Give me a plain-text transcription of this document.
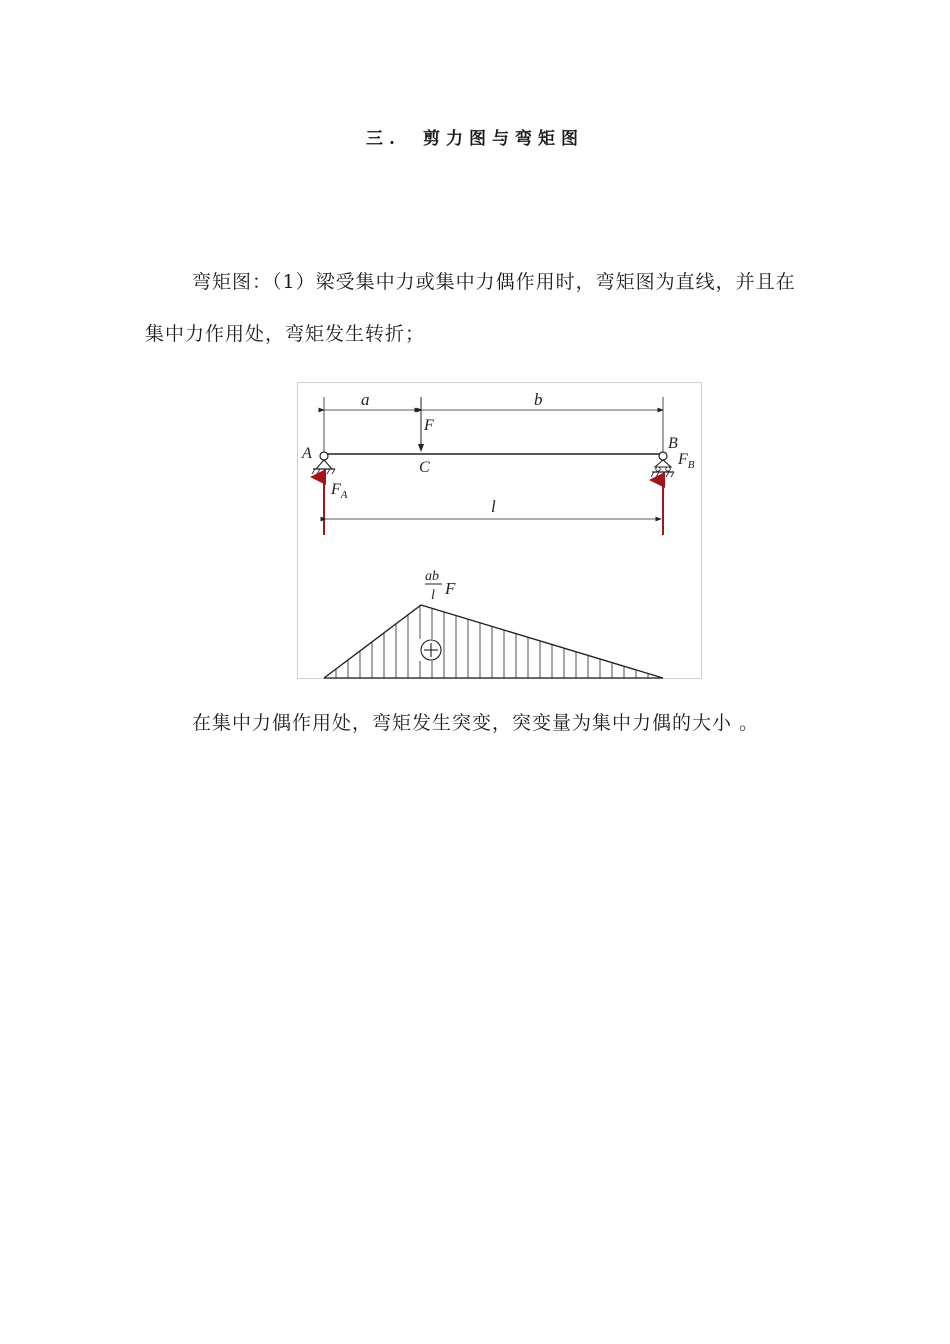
三. 剪力图与弯矩图
弯矩图：（1）梁受集中力或集中力偶作用时，弯矩图为直线，并且在集中力作用处，弯矩发生转折；
a	b
F
C
A
B
$F_A$
$F_B$
l
ab
l F
在集中力偶作用处，弯矩发生突变，突变量为集中力偶的大小 。
